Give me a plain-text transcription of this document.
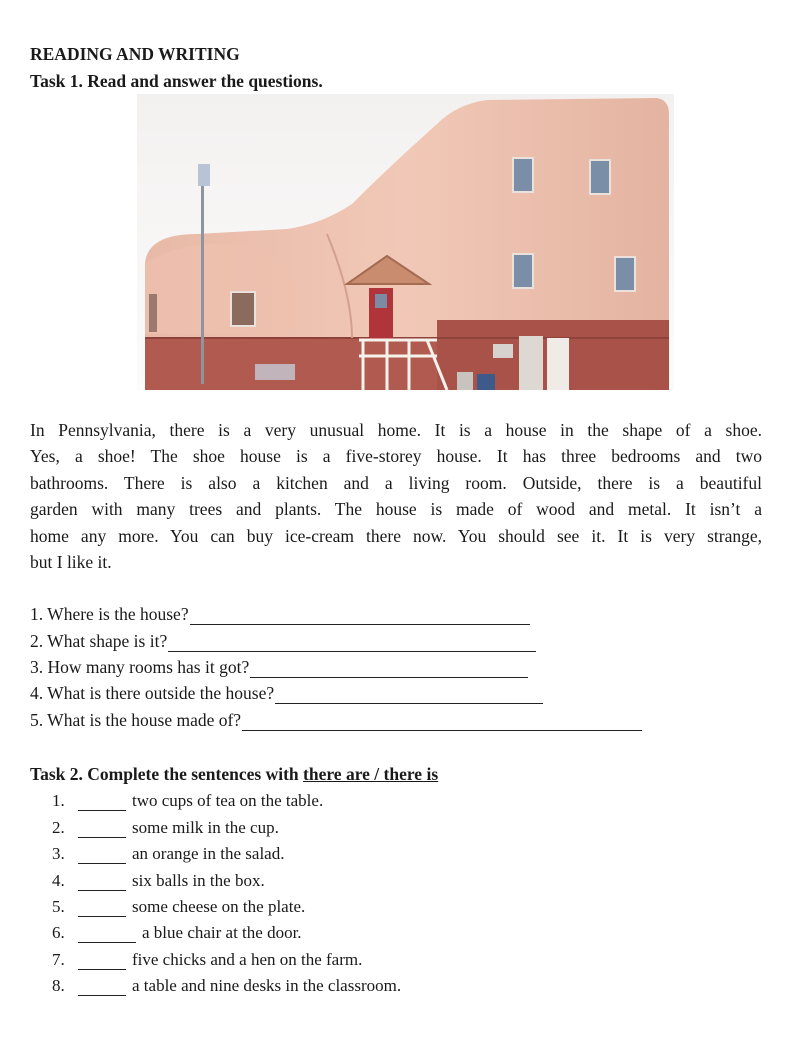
READING AND WRITING
Task 1. Read and answer the questions.
In Pennsylvania, there is a very unusual home. It is a house in the shape of a shoe.
Yes, a shoe! The shoe house is a five-storey house. It has three bedrooms and two
bathrooms. There is also a kitchen and a living room. Outside, there is a beautiful
garden with many trees and plants. The house is made of wood and metal. It isn’t a
home any more. You can buy ice-cream there now. You should see it. It is very strange,
but I like it.
1. Where is the house?
2. What shape is it?
3. How many rooms has it got?
4. What is there outside the house?
5. What is the house made of?
Task 2. Complete the sentences with there are / there is
1.	two cups of tea on the table.
2.	some milk in the cup.
3.	an orange in the salad.
4.	six balls in the box.
5.	some cheese on the plate.
6.	a blue chair at the door.
7.	five chicks and a hen on the farm.
8.	a table and nine desks in the classroom.
